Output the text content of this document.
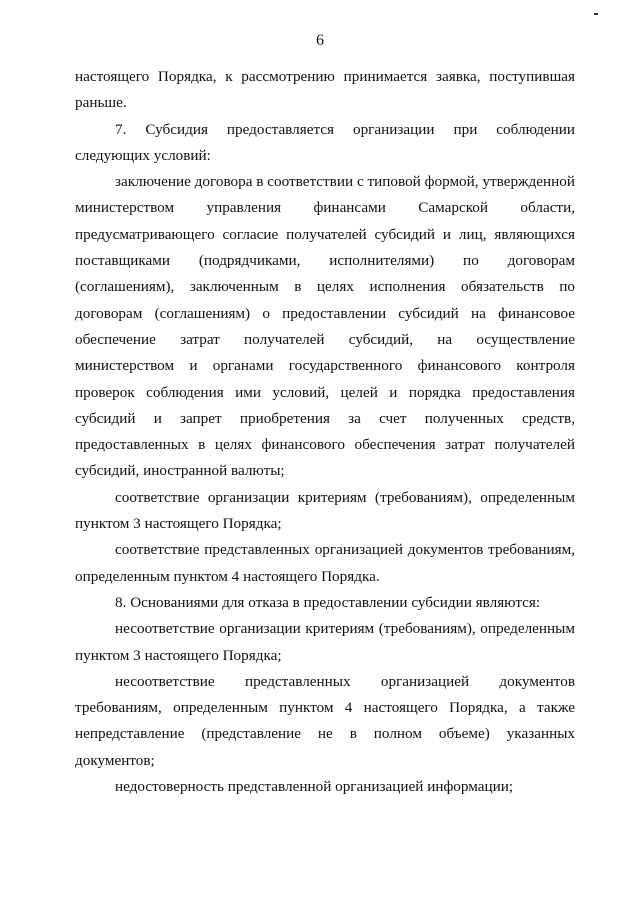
6
настоящего Порядка, к рассмотрению принимается заявка, поступившая
раньше.
7. Субсидия предоставляется организации при соблюдении
следующих условий:
заключение договора в соответствии с типовой формой, утвержденной
министерством управления финансами Самарской области,
предусматривающего согласие получателей субсидий и лиц, являющихся
поставщиками (подрядчиками, исполнителями) по договорам
(соглашениям), заключенным в целях исполнения обязательств по
договорам (соглашениям) о предоставлении субсидий на финансовое
обеспечение затрат получателей субсидий, на осуществление
министерством и органами государственного финансового контроля
проверок соблюдения ими условий, целей и порядка предоставления
субсидий и запрет приобретения за счет полученных средств,
предоставленных в целях финансового обеспечения затрат получателей
субсидий, иностранной валюты;
соответствие организации критериям (требованиям), определенным
пунктом 3 настоящего Порядка;
соответствие представленных организацией документов требованиям,
определенным пунктом 4 настоящего Порядка.
8. Основаниями для отказа в предоставлении субсидии являются:
несоответствие организации критериям (требованиям), определенным
пунктом 3 настоящего Порядка;
несоответствие представленных организацией документов
требованиям, определенным пунктом 4 настоящего Порядка, а также
непредставление (представление не в полном объеме) указанных
документов;
недостоверность представленной организацией информации;
